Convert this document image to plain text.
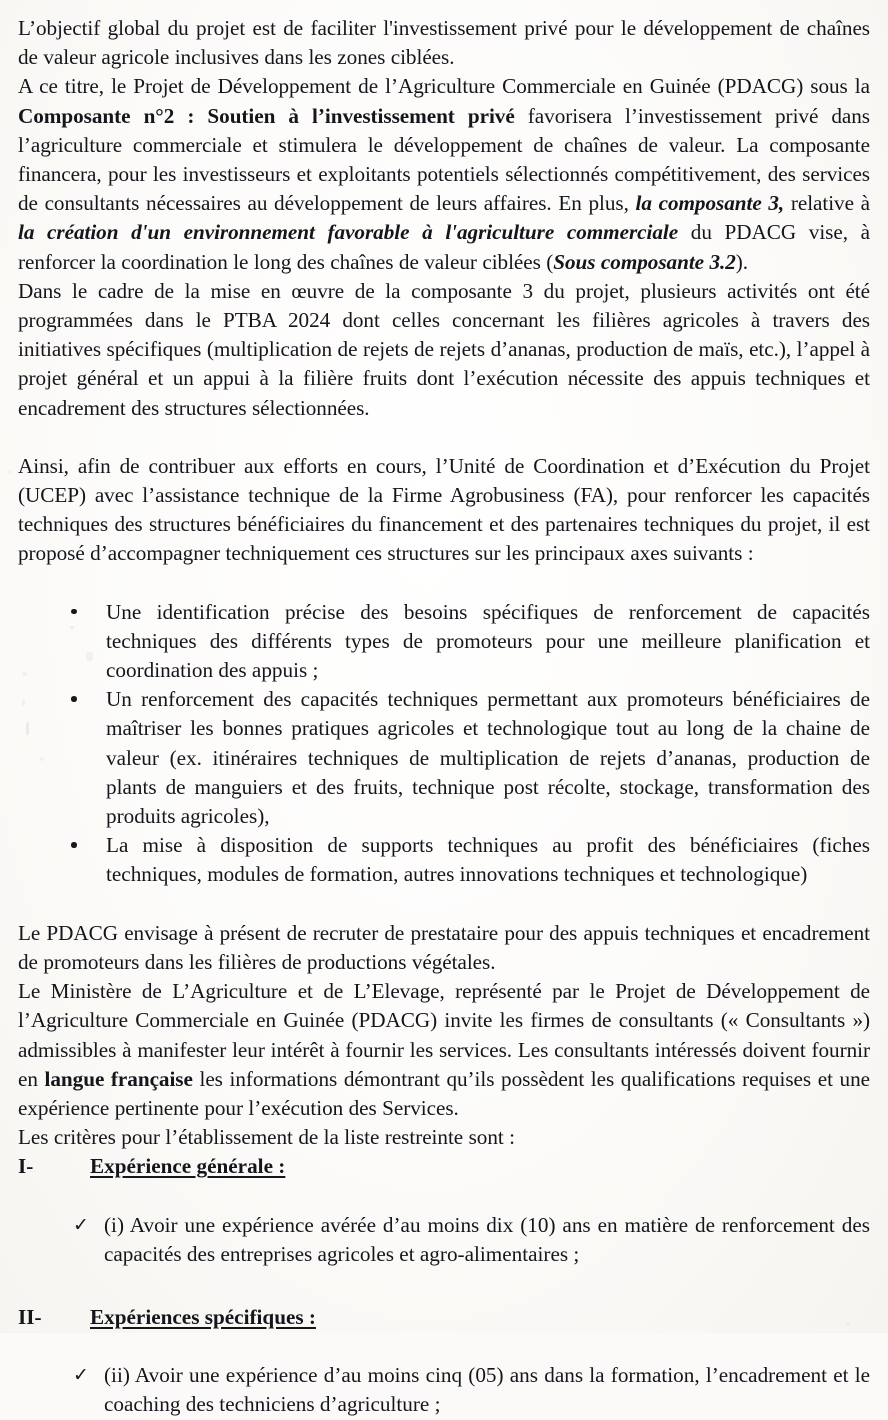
L’objectif global du projet est de faciliter l'investissement privé pour le développement de chaînes de valeur agricole inclusives dans les zones ciblées.

A ce titre, le Projet de Développement de l’Agriculture Commerciale en Guinée (PDACG) sous la Composante n°2 : Soutien à l’investissement privé favorisera l’investissement privé dans l’agriculture commerciale et stimulera le développement de chaînes de valeur. La composante financera, pour les investisseurs et exploitants potentiels sélectionnés compétitivement, des services de consultants nécessaires au développement de leurs affaires. En plus, la composante 3, relative à la création d'un environnement favorable à l'agriculture commerciale du PDACG vise, à renforcer la coordination le long des chaînes de valeur ciblées (Sous composante 3.2).

Dans le cadre de la mise en œuvre de la composante 3 du projet, plusieurs activités ont été programmées dans le PTBA 2024 dont celles concernant les filières agricoles à travers des initiatives spécifiques (multiplication de rejets de rejets d’ananas, production de maïs, etc.), l’appel à projet général et un appui à la filière fruits dont l’exécution nécessite des appuis techniques et encadrement des structures sélectionnées.

Ainsi, afin de contribuer aux efforts en cours, l’Unité de Coordination et d’Exécution du Projet (UCEP) avec l’assistance technique de la Firme Agrobusiness (FA), pour renforcer les capacités techniques des structures bénéficiaires du financement et des partenaires techniques du projet, il est proposé d’accompagner techniquement ces structures sur les principaux axes suivants :

Une identification précise des besoins spécifiques de renforcement de capacités techniques des différents types de promoteurs pour une meilleure planification et coordination des appuis ;
Un renforcement des capacités techniques permettant aux promoteurs bénéficiaires de maîtriser les bonnes pratiques agricoles et technologique tout au long de la chaine de valeur (ex. itinéraires techniques de multiplication de rejets d’ananas, production de plants de manguiers et des fruits, technique post récolte, stockage, transformation des produits agricoles),
La mise à disposition de supports techniques au profit des bénéficiaires (fiches techniques, modules de formation, autres innovations techniques et technologique)

Le PDACG envisage à présent de recruter de prestataire pour des appuis techniques et encadrement de promoteurs dans les filières de productions végétales.

Le Ministère de L’Agriculture et de L’Elevage, représenté par le Projet de Développement de l’Agriculture Commerciale en Guinée (PDACG) invite les firmes de consultants (« Consultants ») admissibles à manifester leur intérêt à fournir les services. Les consultants intéressés doivent fournir en langue française les informations démontrant qu’ils possèdent les qualifications requises et une expérience pertinente pour l’exécution des Services.

Les critères pour l’établissement de la liste restreinte sont :

I-	Expérience générale :
✓ (i) Avoir une expérience avérée d’au moins dix (10) ans en matière de renforcement des capacités des entreprises agricoles et agro-alimentaires ;
II-	Expériences spécifiques :
✓ (ii) Avoir une expérience d’au moins cinq (05) ans dans la formation, l’encadrement et le coaching des techniciens d’agriculture ;
